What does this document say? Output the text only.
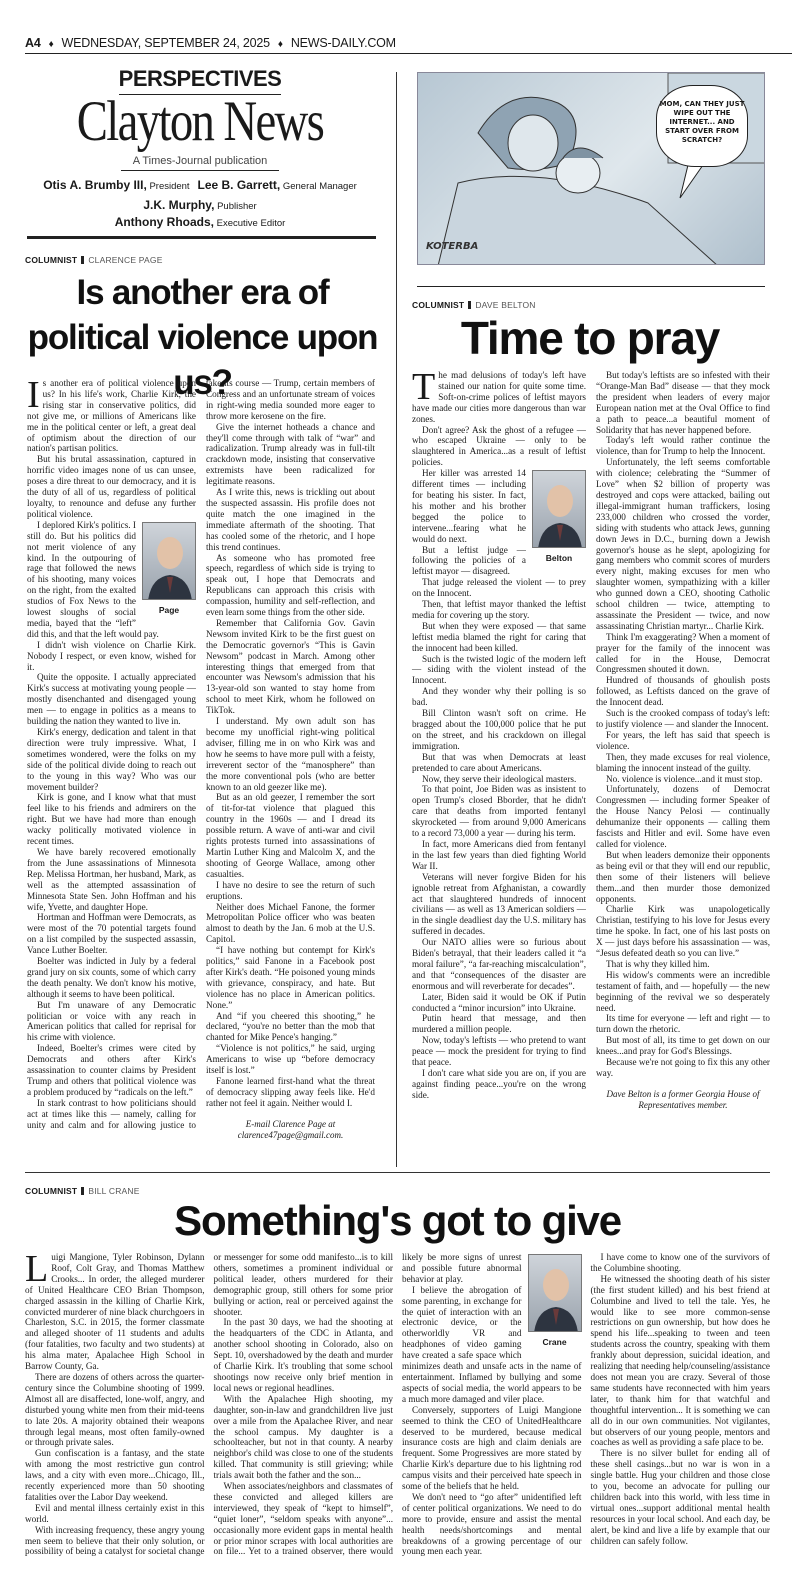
A4 ♦ WEDNESDAY, SEPTEMBER 24, 2025 ♦ NEWS-DAILY.COM
PERSPECTIVES
Clayton News
A Times-Journal publication
Otis A. Brumby III, President Lee B. Garrett, General Manager
J.K. Murphy, Publisher
Anthony Rhoads, Executive Editor
COLUMNIST CLARENCE PAGE
Is another era of political violence upon us?

Is another era of political violence upon us? In his life's work, Charlie Kirk, the rising star in conservative politics, did not give me, or millions of Americans like me in the political center or left, a great deal of optimism about the direction of our nation's partisan politics.

But his brutal assassination, captured in horrific video images none of us can unsee, poses a dire threat to our democracy, and it is the duty of all of us, regardless of political loyalty, to renounce and defuse any further political violence.

Page

I deplored Kirk's politics. I still do. But his politics did not merit violence of any kind. In the outpouring of rage that followed the news of his shooting, many voices on the right, from the exalted studios of Fox News to the lowest sloughs of social media, bayed that the “left” did this, and that the left would pay.

I didn't wish violence on Charlie Kirk. Nobody I respect, or even know, wished for it.

Quite the opposite. I actually appreciated Kirk's success at motivating young people — mostly disenchanted and disengaged young men — to engage in politics as a means to building the nation they wanted to live in.

Kirk's energy, dedication and talent in that direction were truly impressive. What, I sometimes wondered, were the folks on my side of the political divide doing to reach out to the young in this way? Who was our movement builder?

Kirk is gone, and I know what that must feel like to his friends and admirers on the right. But we have had more than enough wacky politically motivated violence in recent times.

We have barely recovered emotionally from the June assassinations of Minnesota Rep. Melissa Hortman, her husband, Mark, as well as the attempted assassination of Minnesota State Sen. John Hoffman and his wife, Yvette, and daughter Hope.

Hortman and Hoffman were Democrats, as were most of the 70 potential targets found on a list compiled by the suspected assassin, Vance Luther Boelter.

Boelter was indicted in July by a federal grand jury on six counts, some of which carry the death penalty. We don't know his motive, although it seems to have been political.

But I'm unaware of any Democratic politician or voice with any reach in American politics that called for reprisal for his crime with violence.

Indeed, Boelter's crimes were cited by Democrats and others after Kirk's assassination to counter claims by President Trump and others that political violence was a problem produced by “radicals on the left.”

In stark contrast to how politicians should act at times like this — namely, calling for unity and calm and for allowing justice to take its course — Trump, certain members of Congress and an unfortunate stream of voices in right-wing media sounded more eager to throw more kerosene on the fire.

Give the internet hotheads a chance and they'll come through with talk of “war” and radicalization. Trump already was in full-tilt crackdown mode, insisting that conservative extremists have been radicalized for legitimate reasons.

As I write this, news is trickling out about the suspected assassin. His profile does not quite match the one imagined in the immediate aftermath of the shooting. That has cooled some of the rhetoric, and I hope this trend continues.

As someone who has promoted free speech, regardless of which side is trying to speak out, I hope that Democrats and Republicans can approach this crisis with compassion, humility and self-reflection, and even learn some things from the other side.

Remember that California Gov. Gavin Newsom invited Kirk to be the first guest on the Democratic governor's “This is Gavin Newsom” podcast in March. Among other interesting things that emerged from that encounter was Newsom's admission that his 13-year-old son wanted to stay home from school to meet Kirk, whom he followed on TikTok.

I understand. My own adult son has become my unofficial right-wing political adviser, filling me in on who Kirk was and how he seems to have more pull with a feisty, irreverent sector of the “manosphere” than the more conventional pols (who are better known to an old geezer like me).

But as an old geezer, I remember the sort of tit-for-tat violence that plagued this country in the 1960s — and I dread its possible return. A wave of anti-war and civil rights protests turned into assassinations of Martin Luther King and Malcolm X, and the shooting of George Wallace, among other casualties.

I have no desire to see the return of such eruptions.

Neither does Michael Fanone, the former Metropolitan Police officer who was beaten almost to death by the Jan. 6 mob at the U.S. Capitol.

“I have nothing but contempt for Kirk's politics,” said Fanone in a Facebook post after Kirk's death. “He poisoned young minds with grievance, conspiracy, and hate. But violence has no place in American politics. None.”

And “if you cheered this shooting,” he declared, “you're no better than the mob that chanted for Mike Pence's hanging.”

“Violence is not politics,” he said, urging Americans to wise up “before democracy itself is lost.”

Fanone learned first-hand what the threat of democracy slipping away feels like. He'd rather not feel it again. Neither would I.

E-mail Clarence Page at clarence47page@gmail.com.

MOM, CAN THEY JUST WIPE OUT THE INTERNET... AND START OVER FROM SCRATCH?
KOTERBA
COLUMNIST DAVE BELTON
Time to pray

The mad delusions of today's left have stained our nation for quite some time. Soft-on-crime polices of leftist mayors have made our cities more dangerous than war zones.

Don't agree? Ask the ghost of a refugee — who escaped Ukraine — only to be slaughtered in America...as a result of leftist policies.

Belton

Her killer was arrested 14 different times — including for beating his sister. In fact, his mother and his brother begged the police to intervene...fearing what he would do next.

But a leftist judge — following the policies of a leftist mayor — disagreed.

That judge released the violent — to prey on the Innocent.

Then, that leftist mayor thanked the leftist media for covering up the story.

But when they were exposed — that same leftist media blamed the right for caring that the innocent had been killed.

Such is the twisted logic of the modern left — siding with the violent instead of the Innocent.

And they wonder why their polling is so bad.

Bill Clinton wasn't soft on crime. He bragged about the 100,000 police that he put on the street, and his crackdown on illegal immigration.

But that was when Democrats at least pretended to care about Americans.

Now, they serve their ideological masters.

To that point, Joe Biden was as insistent to open Trump's closed Bborder, that he didn't care that deaths from imported fentanyl skyrocketed — from around 9,000 Americans to a record 73,000 a year — during his term.

In fact, more Americans died from fentanyl in the last few years than died fighting World War II.

Veterans will never forgive Biden for his ignoble retreat from Afghanistan, a cowardly act that slaughtered hundreds of innocent civilians — as well as 13 American soldiers — in the single deadliest day the U.S. military has suffered in decades.

Our NATO allies were so furious about Biden's betrayal, that their leaders called it “a moral failure”, “a far-reaching miscalculation”, and that “consequences of the disaster are enormous and will reverberate for decades”.

Later, Biden said it would be OK if Putin conducted a “minor incursion” into Ukraine.

Putin heard that message, and then murdered a million people.

Now, today's leftists — who pretend to want peace — mock the president for trying to find that peace.

I don't care what side you are on, if you are against finding peace...you're on the wrong side.

But today's leftists are so infested with their “Orange-Man Bad” disease — that they mock the president when leaders of every major European nation met at the Oval Office to find a path to peace...a beautiful moment of Solidarity that has never happened before.

Today's left would rather continue the violence, than for Trump to help the Innocent.

Unfortunately, the left seems comfortable with ciolence; celebrating the “Summer of Love” when $2 billion of property was destroyed and cops were attacked, bailing out illegal-immigrant human traffickers, losing 233,000 children who crossed the vorder, siding with students who attack Jews, gunning down Jews in D.C., burning down a Jewish governor's house as he slept, apologizing for gang members who commit scores of murders every night, making excuses for men who slaughter women, sympathizing with a killer who gunned down a CEO, shooting Catholic school children — twice, attempting to assassinate the President — twice, and now assassinating Christian martyr... Charlie Kirk.

Think I'm exaggerating? When a moment of prayer for the family of the innocent was called for in the House, Democrat Congressmen shouted it down.

Hundred of thousands of ghoulish posts followed, as Leftists danced on the grave of the Innocent dead.

Such is the crooked compass of today's left: to justify violence — and slander the Innocent.

For years, the left has said that speech is violence.

Then, they made excuses for real violence, blaming the innocent instead of the guilty.

No. violence is violence...and it must stop.

Unfortunately, dozens of Democrat Congressmen — including former Speaker of the House Nancy Pelosi — continually dehumanize their opponents — calling them fascists and Hitler and evil. Some have even called for violence.

But when leaders demonize their opponents as being evil or that they will end our republic, then some of their listeners will believe them...and then murder those demonized opponents.

Charlie Kirk was unapologetically Christian, testifying to his love for Jesus every time he spoke. In fact, one of his last posts on X — just days before his assassination — was, “Jesus defeated death so you can live.”

That is why they killed him.

His widow's comments were an incredible testament of faith, and — hopefully — the new beginning of the revival we so desperately need.

Its time for everyone — left and right — to turn down the rhetoric.

But most of all, its time to get down on our knees...and pray for God's Blessings.

Because we're not going to fix this any other way.

Dave Belton is a former Georgia House of Representatives member.

COLUMNIST BILL CRANE
Something's got to give

Luigi Mangione, Tyler Robinson, Dylann Roof, Colt Gray, and Thomas Matthew Crooks... In order, the alleged murderer of United Healthcare CEO Brian Thompson, charged assassin in the killing of Charlie Kirk, convicted murderer of nine black churchgoers in Charleston, S.C. in 2015, the former classmate and alleged shooter of 11 students and adults (four fatalities, two faculty and two students) at his alma mater, Apalachee High School in Barrow County, Ga.

There are dozens of others across the quarter-century since the Columbine shooting of 1999. Almost all are disaffected, lone-wolf, angry, and disturbed young white men from their mid-teens to late 20s. A majority obtained their weapons through legal means, most often family-owned or through private sales.

Gun confiscation is a fantasy, and the state with among the most restrictive gun control laws, and a city with even more...Chicago, Ill., recently experienced more than 50 shooting fatalities over the Labor Day weekend.

Evil and mental illness certainly exist in this world.

With increasing frequency, these angry young men seem to believe that their only solution, or possibility of being a catalyst for societal change or messenger for some odd manifesto...is to kill others, sometimes a prominent individual or political leader, others murdered for their demographic group, still others for some prior bullying or action, real or perceived against the shooter.

In the past 30 days, we had the shooting at the headquarters of the CDC in Atlanta, and another school shooting in Colorado, also on Sept. 10, overshadowed by the death and murder of Charlie Kirk. It's troubling that some school shootings now receive only brief mention in local news or regional headlines.

With the Apalachee High shooting, my daughter, son-in-law and grandchildren live just over a mile from the Apalachee River, and near the school campus. My daughter is a schoolteacher, but not in that county. A nearby neighbor's child was close to one of the students killed. That community is still grieving; while trials await both the father and the son...

Crane

When associates/neighbors and classmates of these convicted and alleged killers are interviewed, they speak of “kept to himself”, “quiet loner”, “seldom speaks with anyone”... occasionally more evident gaps in mental health or prior minor scrapes with local authorities are on file... Yet to a trained observer, there would likely be more signs of unrest and possible future abnormal behavior at play.

I believe the abrogation of some parenting, in exchange for the quiet of interaction with an electronic device, or the otherworldly VR and headphones of video gaming have created a safe space which minimizes death and unsafe acts in the name of entertainment. Inflamed by bullying and some aspects of social media, the world appears to be a much more damaged and viler place.

Conversely, supporters of Luigi Mangione seemed to think the CEO of UnitedHealthcare deserved to be murdered, because medical insurance costs are high and claim denials are frequent. Some Progressives are more stated by Charlie Kirk's departure due to his lightning rod campus visits and their perceived hate speech in some of the beliefs that he held.

We don't need to “go after” unidentified left of center political organizations. We need to do more to provide, ensure and assist the mental health needs/shortcomings and mental breakdowns of a growing percentage of our young men each year.

I have come to know one of the survivors of the Columbine shooting.

He witnessed the shooting death of his sister (the first student killed) and his best friend at Columbine and lived to tell the tale. Yes, he would like to see more common-sense restrictions on gun ownership, but how does he spend his life...speaking to tween and teen students across the country, speaking with them frankly about depression, suicidal ideation, and realizing that needing help/counseling/assistance does not mean you are crazy. Several of those same students have reconnected with him years later, to thank him for that watchful and thoughtful intervention... It is something we can all do in our own communities. Not vigilantes, but observers of our young people, mentors and coaches as well as providing a safe place to be.

There is no silver bullet for ending all of these shell casings...but no war is won in a single battle. Hug your children and those close to you, become an advocate for pulling our children back into this world, with less time in virtual ones...support additional mental health resources in your local school. And each day, be alert, be kind and live a life by example that our children can safely follow.
